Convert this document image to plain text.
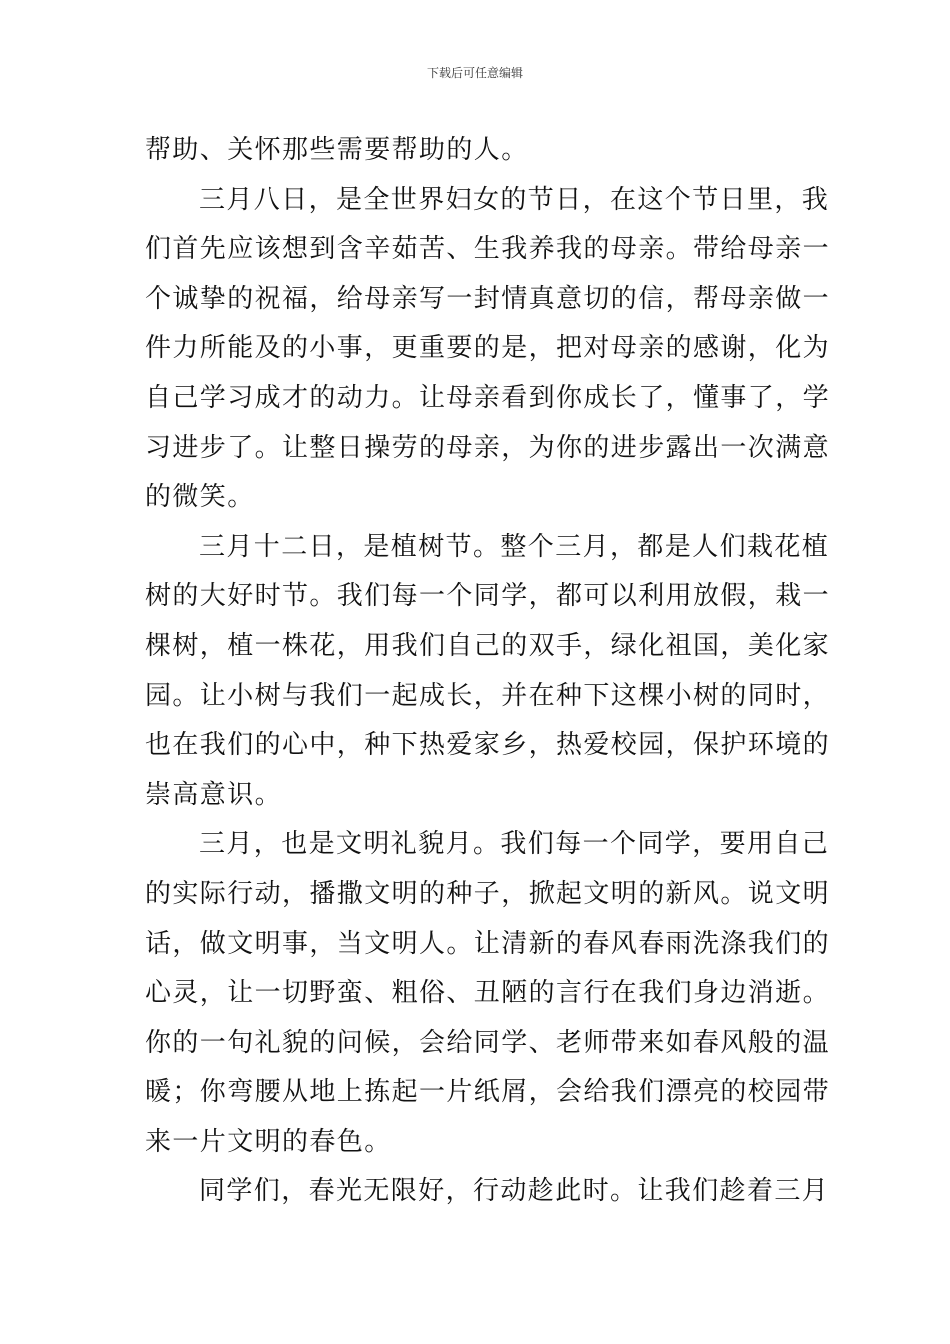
下载后可任意编辑
帮助、关怀那些需要帮助的人。
三月八日，是全世界妇女的节日，在这个节日里，我
们首先应该想到含辛茹苦、生我养我的母亲。带给母亲一
个诚挚的祝福，给母亲写一封情真意切的信，帮母亲做一
件力所能及的小事，更重要的是，把对母亲的感谢，化为
自己学习成才的动力。让母亲看到你成长了，懂事了，学
习进步了。让整日操劳的母亲，为你的进步露出一次满意
的微笑。
三月十二日，是植树节。整个三月，都是人们栽花植
树的大好时节。我们每一个同学，都可以利用放假，栽一
棵树，植一株花，用我们自己的双手，绿化祖国，美化家
园。让小树与我们一起成长，并在种下这棵小树的同时，
也在我们的心中，种下热爱家乡，热爱校园，保护环境的
崇高意识。
三月，也是文明礼貌月。我们每一个同学，要用自己
的实际行动，播撒文明的种子，掀起文明的新风。说文明
话，做文明事，当文明人。让清新的春风春雨洗涤我们的
心灵，让一切野蛮、粗俗、丑陋的言行在我们身边消逝。
你的一句礼貌的问候，会给同学、老师带来如春风般的温
暖；你弯腰从地上拣起一片纸屑，会给我们漂亮的校园带
来一片文明的春色。
同学们，春光无限好，行动趁此时。让我们趁着三月
